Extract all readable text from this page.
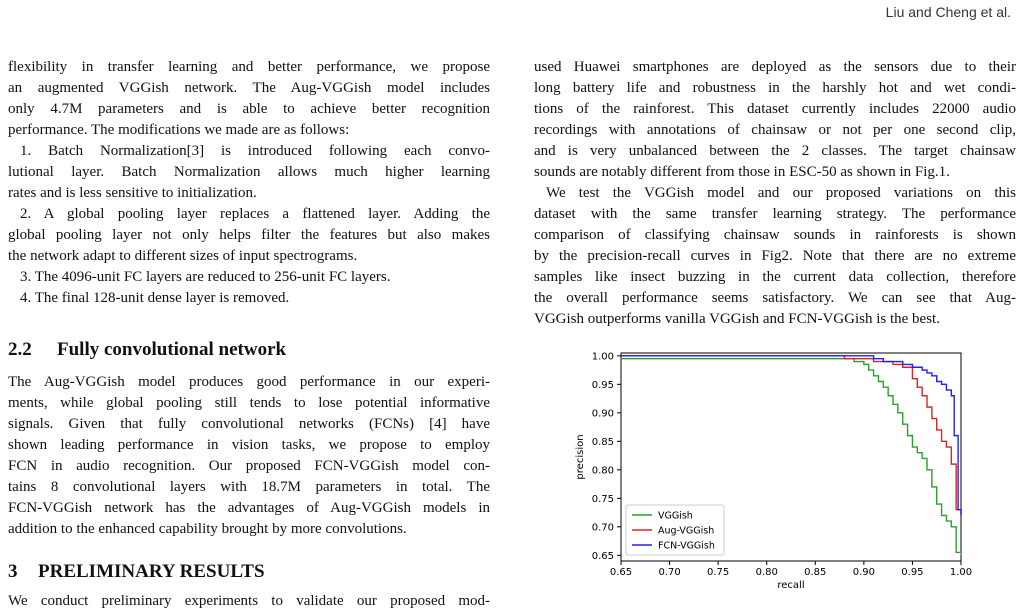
Liu and Cheng et al.
flexibility in transfer learning and better performance, we propose
an augmented VGGish network. The Aug-VGGish model includes
only 4.7M parameters and is able to achieve better recognition
performance. The modifications we made are as follows:
1. Batch Normalization[3] is introduced following each convo-
lutional layer. Batch Normalization allows much higher learning
rates and is less sensitive to initialization.
2. A global pooling layer replaces a flattened layer. Adding the
global pooling layer not only helps filter the features but also makes
the network adapt to different sizes of input spectrograms.
3. The 4096-unit FC layers are reduced to 256-unit FC layers.
4. The final 128-unit dense layer is removed.
2.2 Fully convolutional network
The Aug-VGGish model produces good performance in our experi-
ments, while global pooling still tends to lose potential informative
signals. Given that fully convolutional networks (FCNs) [4] have
shown leading performance in vision tasks, we propose to employ
FCN in audio recognition. Our proposed FCN-VGGish model con-
tains 8 convolutional layers with 18.7M parameters in total. The
FCN-VGGish network has the advantages of Aug-VGGish models in
addition to the enhanced capability brought by more convolutions.
3 PRELIMINARY RESULTS
We conduct preliminary experiments to validate our proposed mod-
used Huawei smartphones are deployed as the sensors due to their
long battery life and robustness in the harshly hot and wet condi-
tions of the rainforest. This dataset currently includes 22000 audio
recordings with annotations of chainsaw or not per one second clip,
and is very unbalanced between the 2 classes. The target chainsaw
sounds are notably different from those in ESC-50 as shown in Fig.1.
We test the VGGish model and our proposed variations on this
dataset with the same transfer learning strategy. The performance
comparison of classifying chainsaw sounds in rainforests is shown
by the precision-recall curves in Fig2. Note that there are no extreme
samples like insect buzzing in the current data collection, therefore
the overall performance seems satisfactory. We can see that Aug-
VGGish outperforms vanilla VGGish and FCN-VGGish is the best.
0.65	0.70	0.75	0.80	0.85	0.90	0.95	1.00
0.65
0.70
0.75
0.80
0.85
0.90
0.95
1.00
recall
precision
VGGish
Aug-VGGish
FCN-VGGish
